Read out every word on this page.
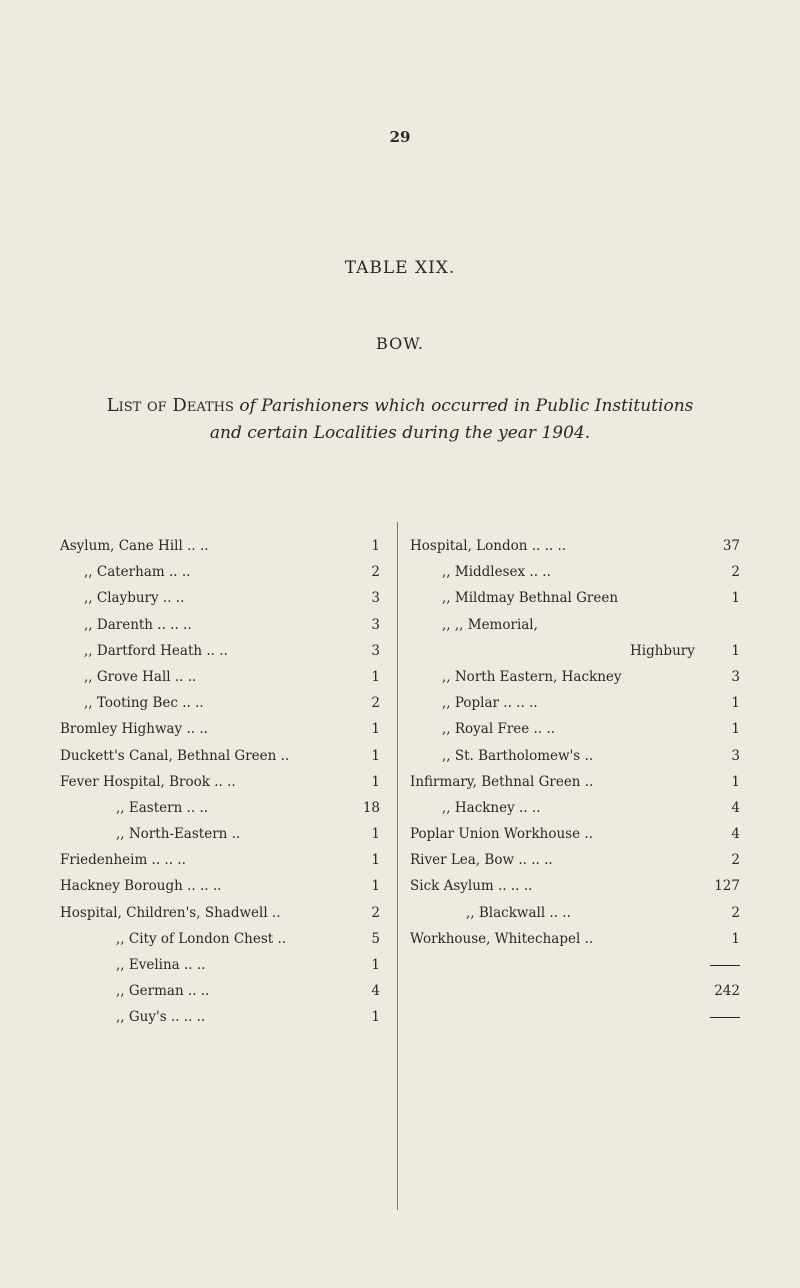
29
TABLE XIX.
BOW.
List of Deaths of Parishioners which occurred in Public Institutions
and certain Localities during the year 1904.
Asylum, Cane Hill .. ..	1
,, Caterham .. ..	2
,, Claybury .. ..	3
,, Darenth .. .. ..	3
,, Dartford Heath .. ..	3
,, Grove Hall .. ..	1
,, Tooting Bec .. ..	2
Bromley Highway .. ..	1
Duckett's Canal, Bethnal Green ..	1
Fever Hospital, Brook .. ..	1
,, Eastern .. ..	18
,, North-Eastern ..	1
Friedenheim .. .. ..	1
Hackney Borough .. .. ..	1
Hospital, Children's, Shadwell ..	2
,, City of London Chest ..	5
,, Evelina .. ..	1
,, German .. ..	4
,, Guy's .. .. ..	1
Hospital, London .. .. ..	37
,, Middlesex .. ..	2
,, Mildmay Bethnal Green	1
,, ,, Memorial,
Highbury	1
,, North Eastern, Hackney	3
,, Poplar .. .. ..	1
,, Royal Free .. ..	1
,, St. Bartholomew's ..	3
Infirmary, Bethnal Green ..	1
,, Hackney .. ..	4
Poplar Union Workhouse ..	4
River Lea, Bow .. .. ..	2
Sick Asylum .. .. ..	127
,, Blackwall .. ..	2
Workhouse, Whitechapel ..	1
242
